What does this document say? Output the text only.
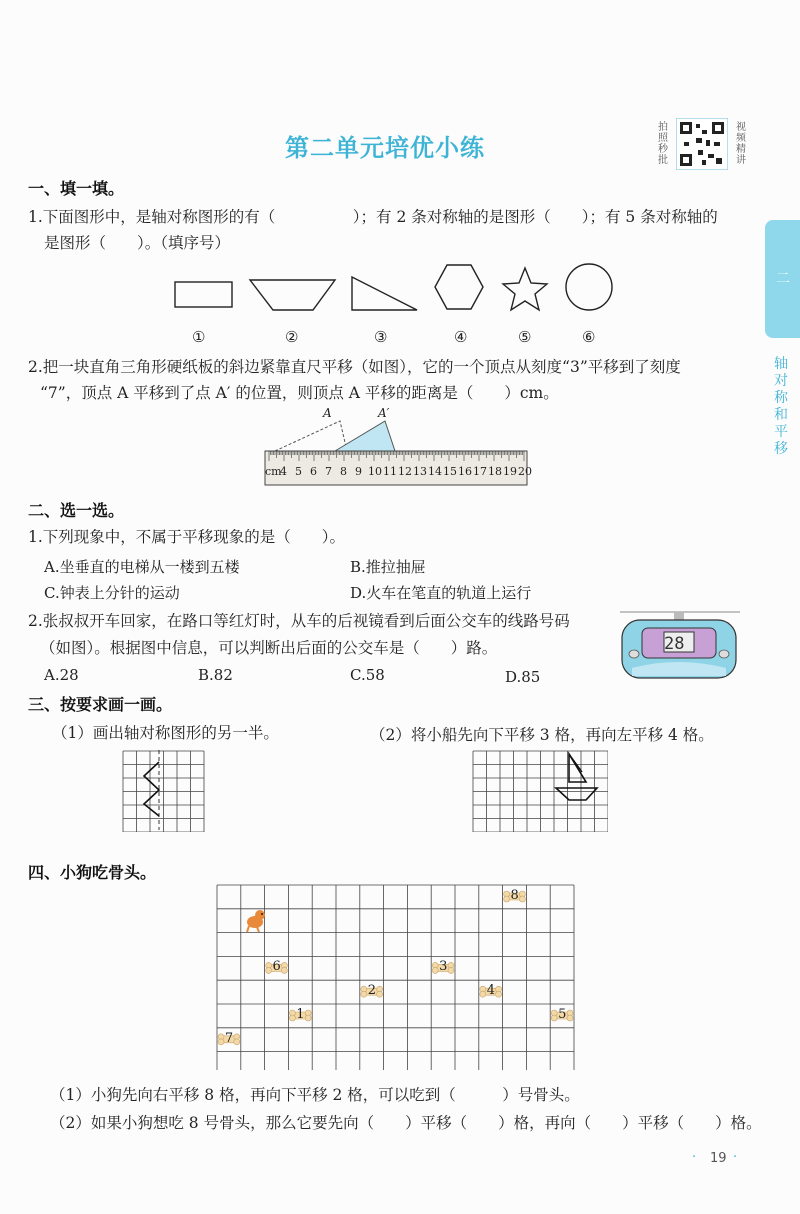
二
轴对称和平移
第二单元培优小练
拍照秒批
视频精讲
一、填一填。
1.下面图形中，是轴对称图形的有（　　　　　）；有 2 条对称轴的是图形（　　）；有 5 条对称轴的
是图形（　　）。（填序号）
①	②	③	④	⑤	⑥
2.把一块直角三角形硬纸板的斜边紧靠直尺平移（如图），它的一个顶点从刻度“3”平移到了刻度
“7”，顶点 A 平移到了点 A′ 的位置，则顶点 A 平移的距离是（　　）cm。
A	A′
cm
4 5 6 7 8 9 10 11 12 13 14 15 16 17 18 19 20
二、选一选。
1.下列现象中，不属于平移现象的是（　　）。
A.坐垂直的电梯从一楼到五楼	B.推拉抽屉
C.钟表上分针的运动	D.火车在笔直的轨道上运行
2.张叔叔开车回家，在路口等红灯时，从车的后视镜看到后面公交车的线路号码
（如图）。根据图中信息，可以判断出后面的公交车是（　　）路。
A.28	B.82	C.58	D.85
28
三、按要求画一画。
（1）画出轴对称图形的另一半。	（2）将小船先向下平移 3 格，再向左平移 4 格。
四、小狗吃骨头。
8
6	3
2	4
1	5
7
（1）小狗先向右平移 8 格，再向下平移 2 格，可以吃到（　　　）号骨头。
（2）如果小狗想吃 8 号骨头，那么它要先向（　　）平移（　　）格，再向（　　）平移（　　）格。
· 19 ·
